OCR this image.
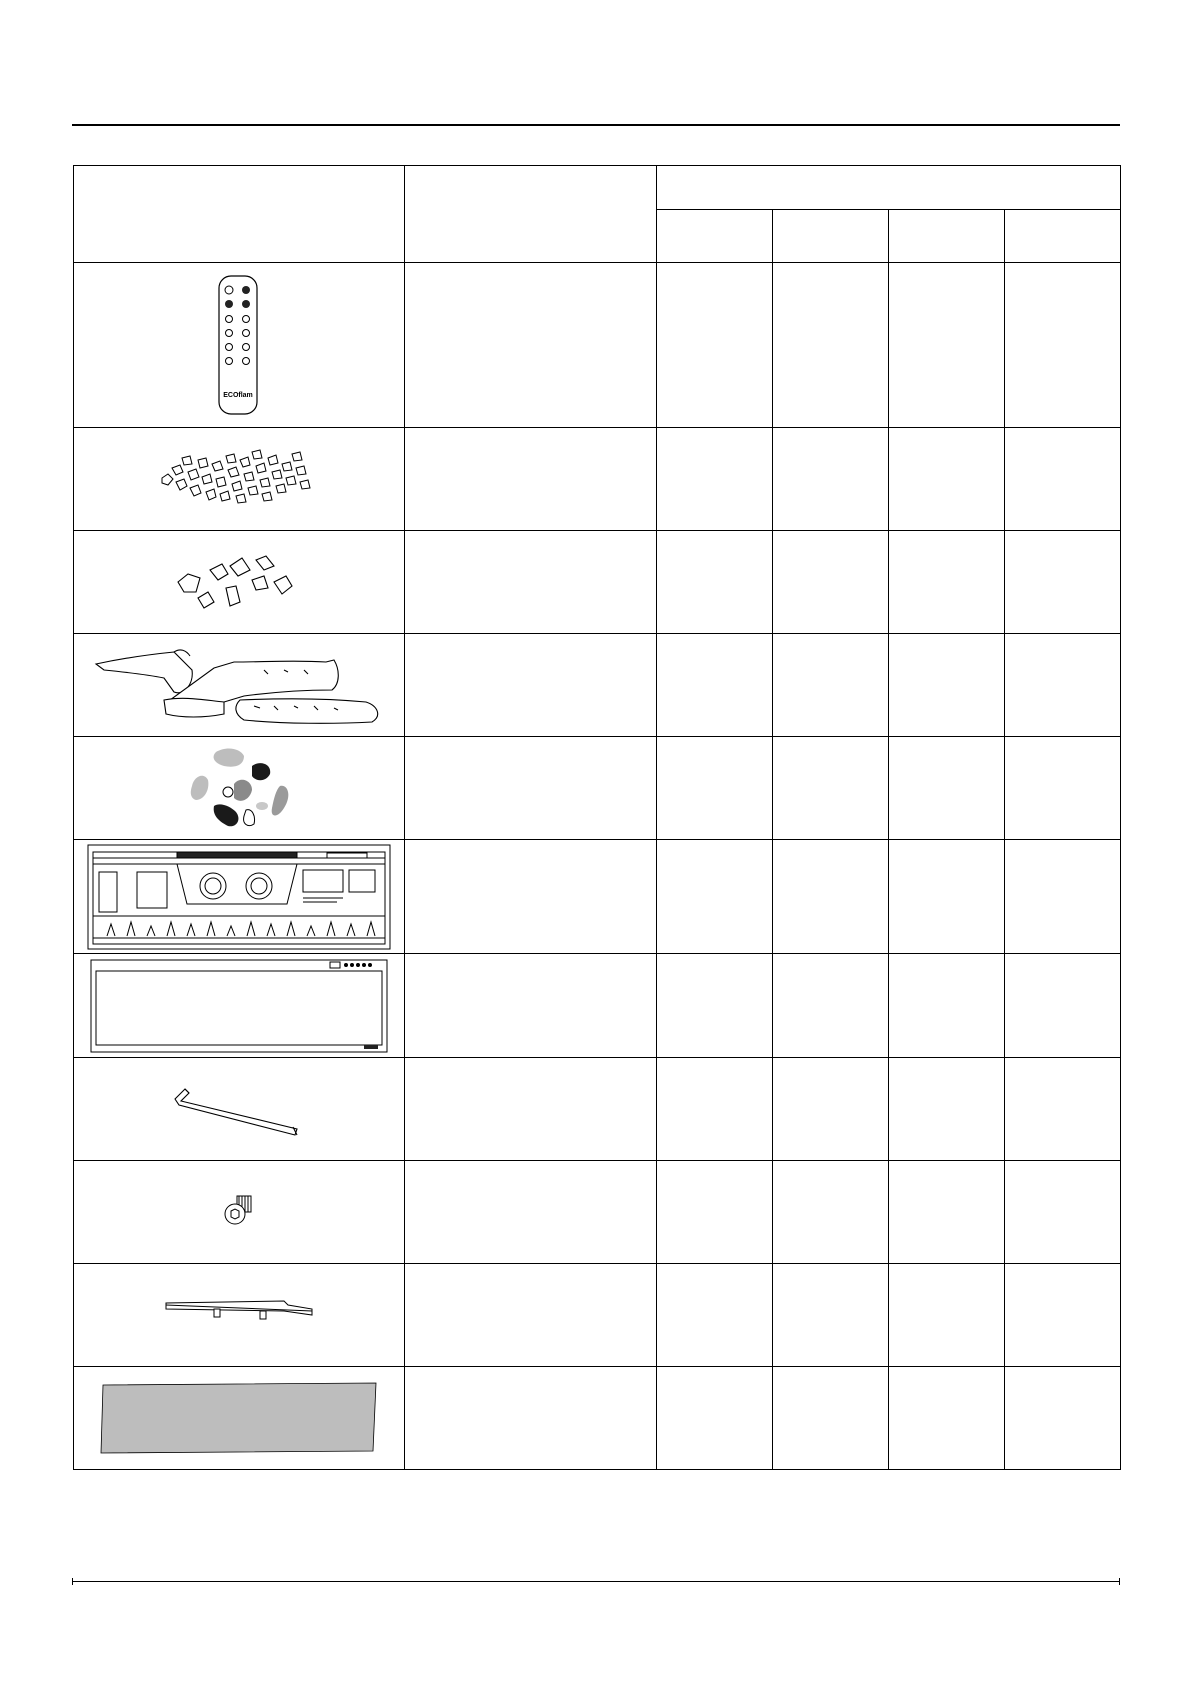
ECOflam					
